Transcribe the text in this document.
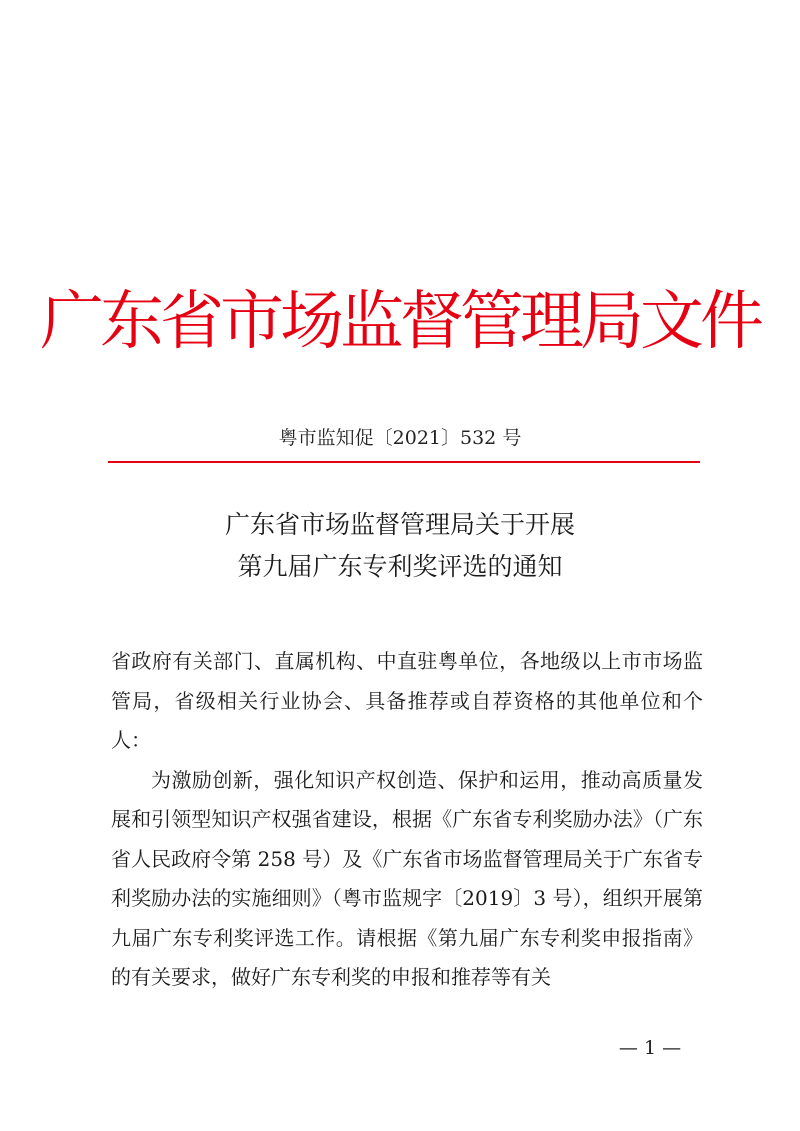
广东省市场监督管理局文件
粤市监知促〔2021〕532 号
广东省市场监督管理局关于开展
第九届广东专利奖评选的通知

省政府有关部门、直属机构、中直驻粤单位，各地级以上市市场监管局，省级相关行业协会、具备推荐或自荐资格的其他单位和个人：

为激励创新，强化知识产权创造、保护和运用，推动高质量发展和引领型知识产权强省建设，根据《广东省专利奖励办法》（广东省人民政府令第 258 号）及《广东省市场监督管理局关于广东省专利奖励办法的实施细则》（粤市监规字〔2019〕3 号），组织开展第九届广东专利奖评选工作。请根据《第九届广东专利奖申报指南》的有关要求，做好广东专利奖的申报和推荐等有关

— 1 —
